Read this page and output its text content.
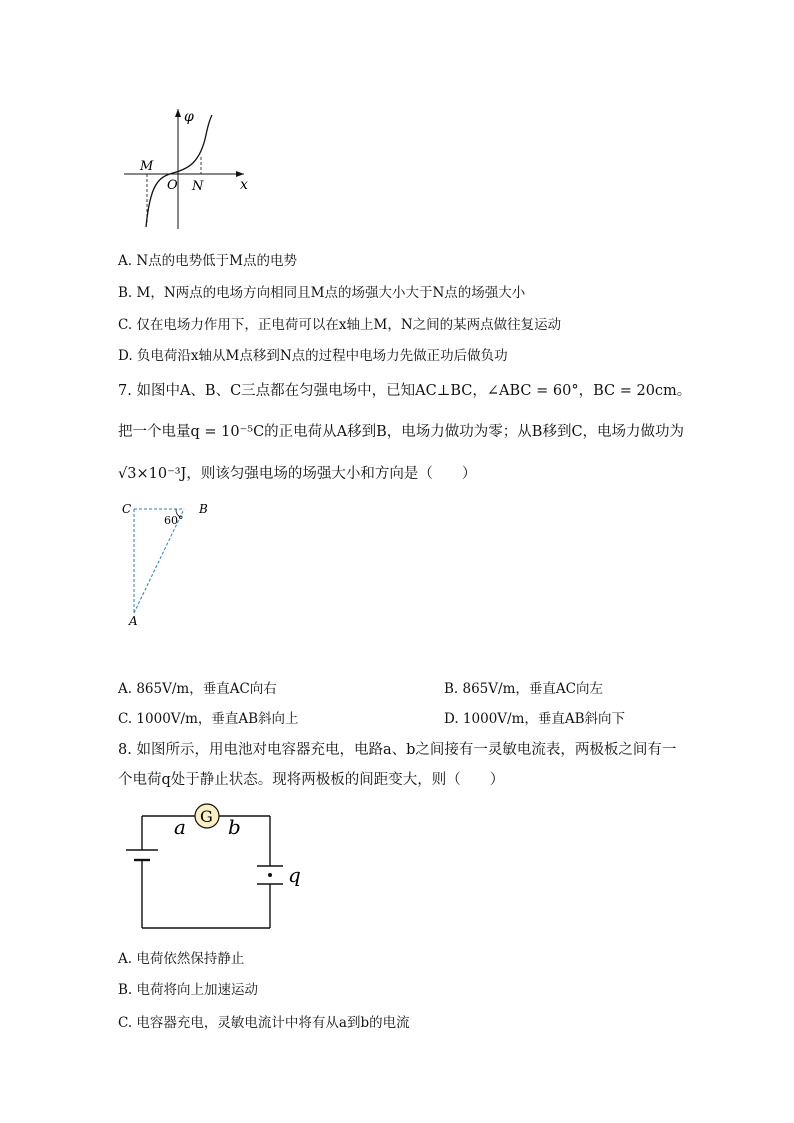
φ
x
M
O N
A. N点的电势低于M点的电势
B. M，N两点的电场方向相同且M点的场强大小大于N点的场强大小
C. 仅在电场力作用下，正电荷可以在x轴上M，N之间的某两点做往复运动
D. 负电荷沿x轴从M点移到N点的过程中电场力先做正功后做负功
7. 如图中A、B、C三点都在匀强电场中，已知AC⊥BC，∠ABC = 60°，BC = 20cm。
把一个电量q = 10⁻⁵C的正电荷从A移到B，电场力做功为零；从B移到C，电场力做功为
√3×10⁻³J，则该匀强电场的场强大小和方向是（　　）
C	B
A
60°
A. 865V/m，垂直AC向右	B. 865V/m，垂直AC向左
C. 1000V/m，垂直AB斜向上	D. 1000V/m，垂直AB斜向下
8. 如图所示，用电池对电容器充电，电路a、b之间接有一灵敏电流表，两极板之间有一
个电荷q处于静止状态。现将两极板的间距变大，则（　　）
G
a b
q
A. 电荷依然保持静止
B. 电荷将向上加速运动
C. 电容器充电，灵敏电流计中将有从a到b的电流
